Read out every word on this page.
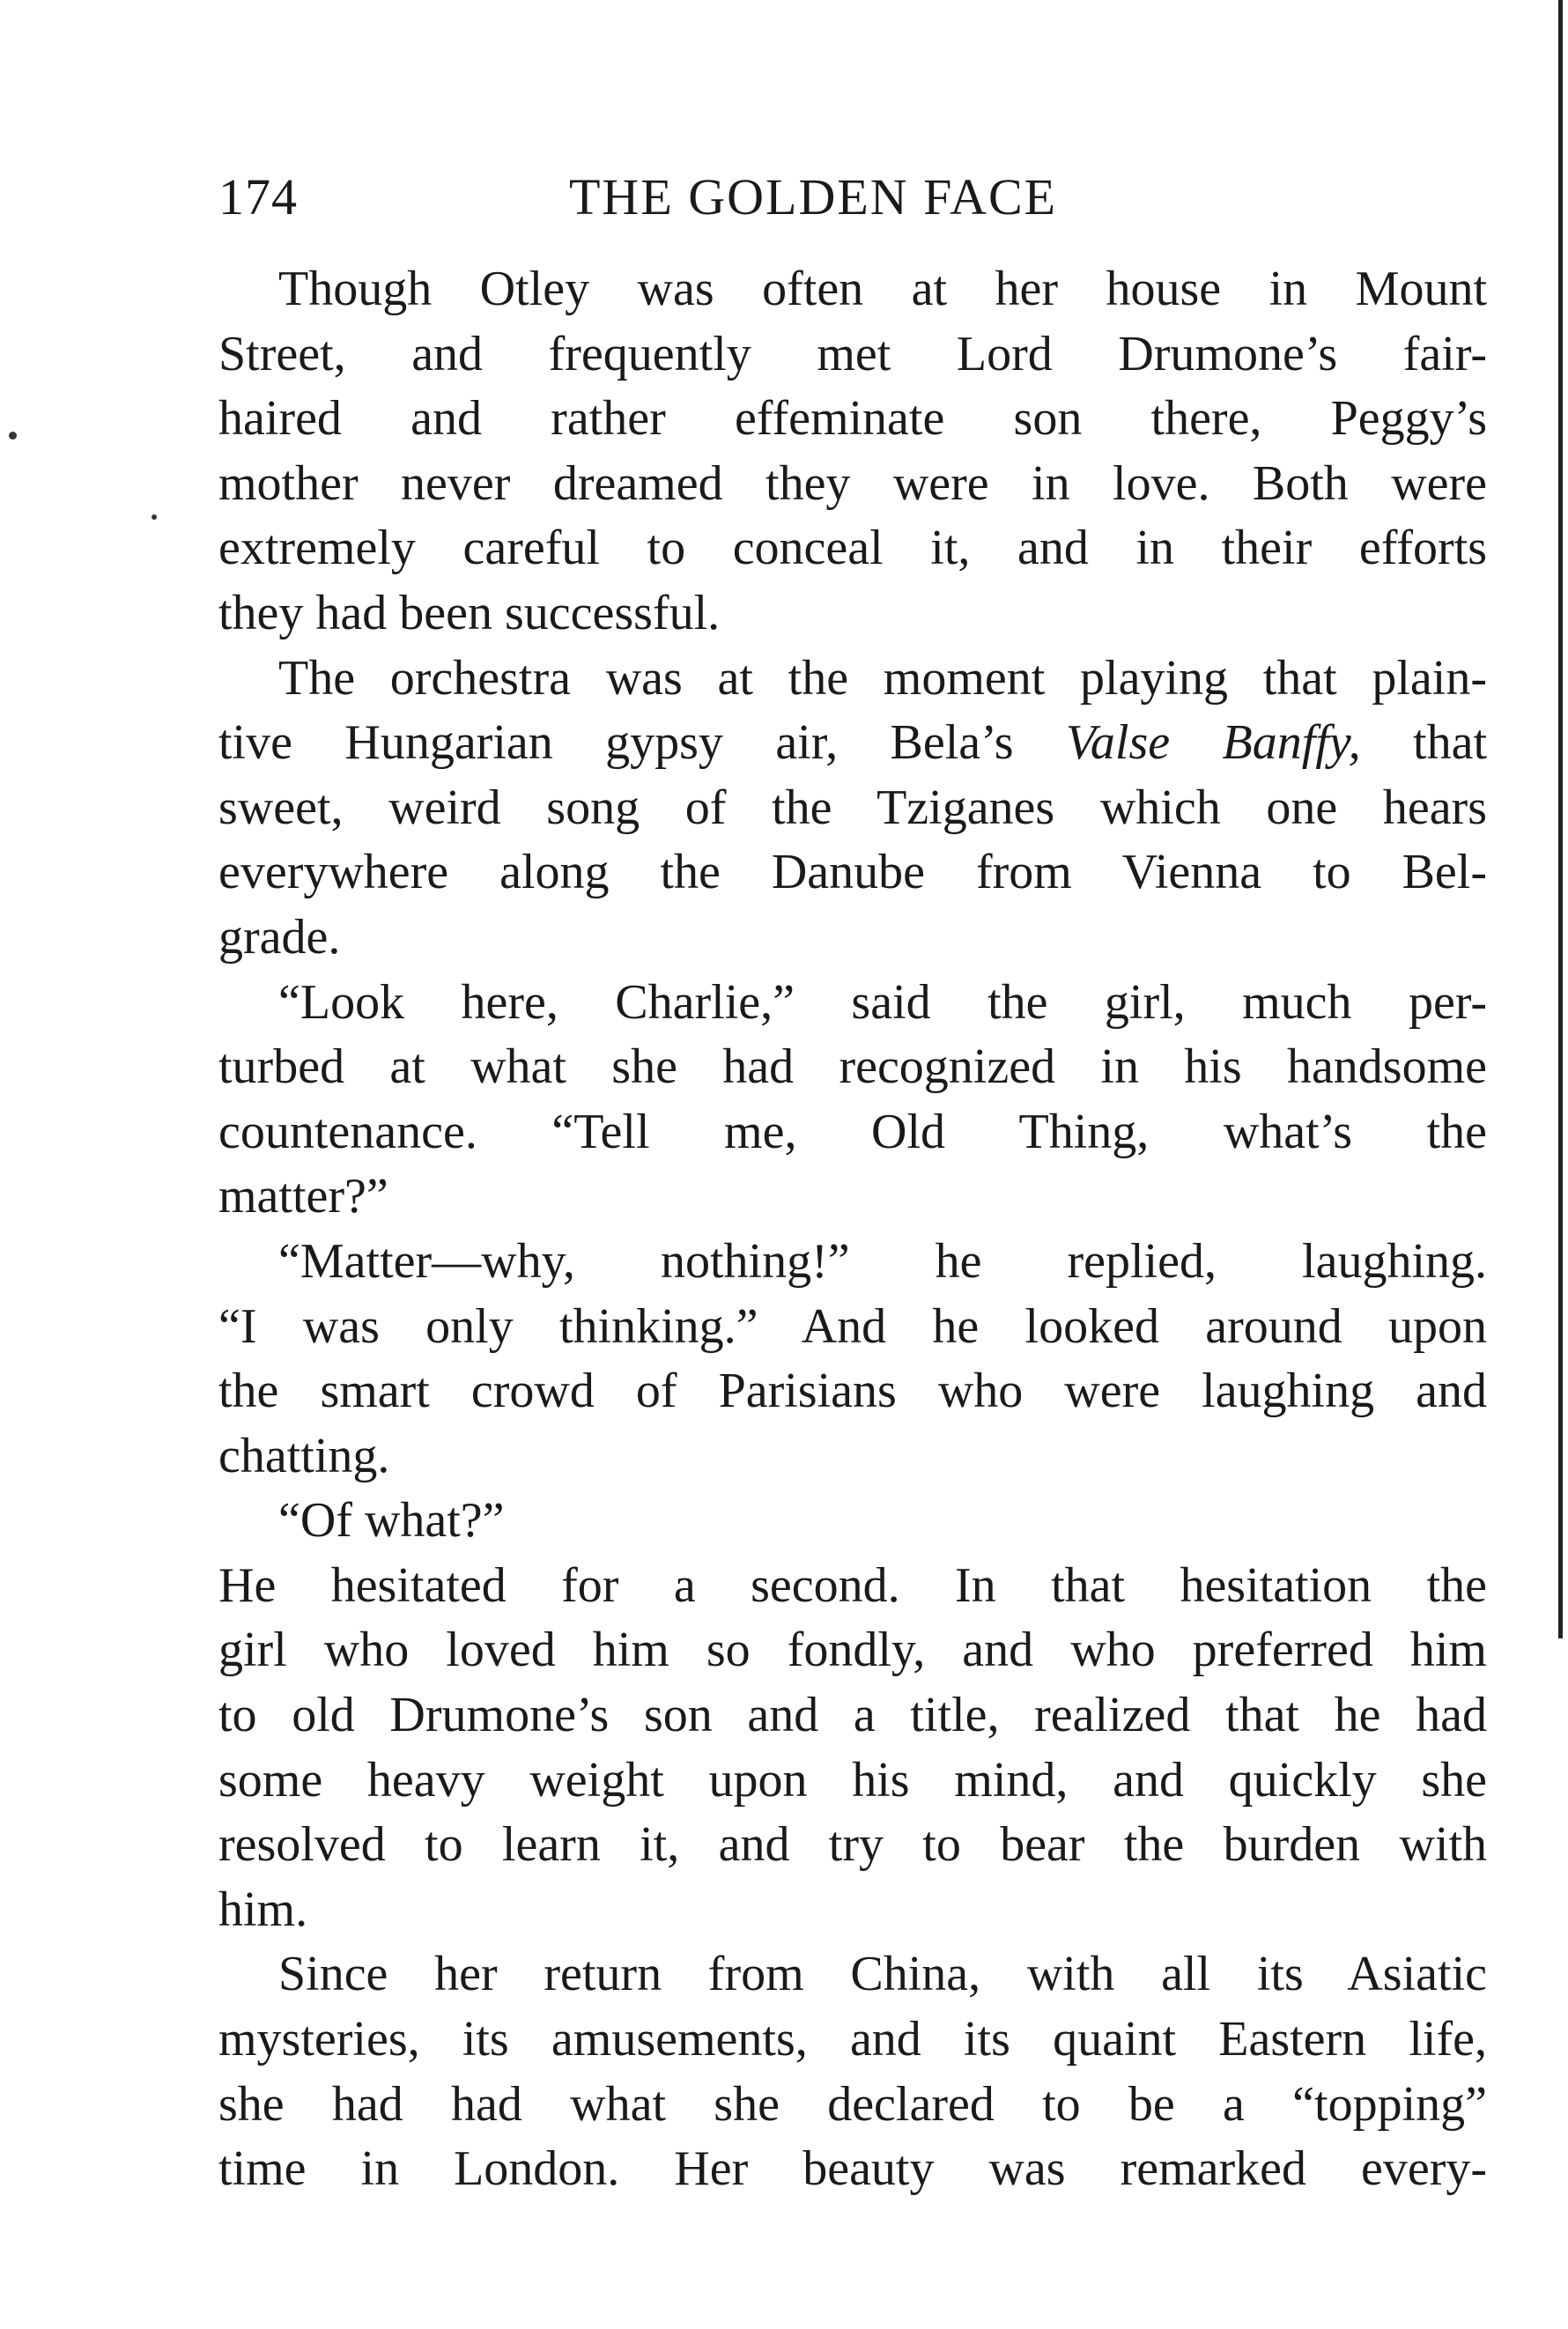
174	THE GOLDEN FACE
Though Otley was often at her house in Mount
Street, and frequently met Lord Drumone’s fair-
haired and rather effeminate son there, Peggy’s
mother never dreamed they were in love. Both were
extremely careful to conceal it, and in their efforts
they had been successful.
The orchestra was at the moment playing that plain-
tive Hungarian gypsy air, Bela’s Valse Banffy, that
sweet, weird song of the Tziganes which one hears
everywhere along the Danube from Vienna to Bel-
grade.
“Look here, Charlie,” said the girl, much per-
turbed at what she had recognized in his handsome
countenance. “Tell me, Old Thing, what’s the
matter?”
“Matter—why, nothing!” he replied, laughing.
“I was only thinking.” And he looked around upon
the smart crowd of Parisians who were laughing and
chatting.
“Of what?”
He hesitated for a second. In that hesitation the
girl who loved him so fondly, and who preferred him
to old Drumone’s son and a title, realized that he had
some heavy weight upon his mind, and quickly she
resolved to learn it, and try to bear the burden with
him.
Since her return from China, with all its Asiatic
mysteries, its amusements, and its quaint Eastern life,
she had had what she declared to be a “topping”
time in London. Her beauty was remarked every-
